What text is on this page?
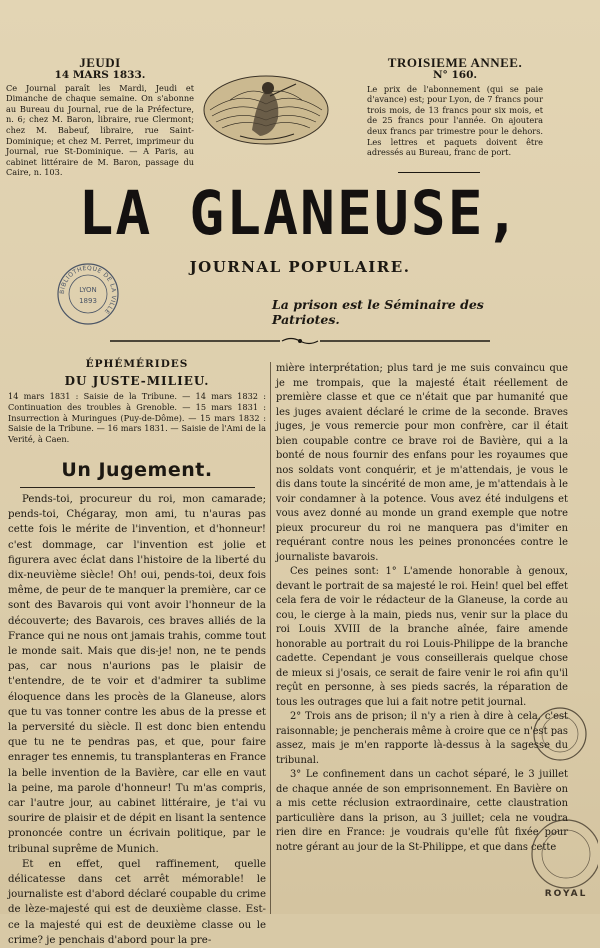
JEUDI
14 MARS 1833.
Ce Journal paraît les Mardi, Jeudi et Dimanche de chaque semaine. On s'abonne au Bureau du Journal, rue de la Préfecture, n. 6; chez M. Baron, libraire, rue Clermont; chez M. Babeuf, libraire, rue Saint-Dominique; et chez M. Perret, imprimeur du Journal, rue St-Dominique. — A Paris, au cabinet littéraire de M. Baron, passage du Caire, n. 103.
TROISIEME ANNEE.
N° 160.
Le prix de l'abonnement (qui se paie d'avance) est; pour Lyon, de 7 francs pour trois mois, de 13 francs pour six mois, et de 25 francs pour l'année. On ajoutera deux francs par trimestre pour le dehors. Les lettres et paquets doivent être adressés au Bureau, franc de port.
LA GLANEUSE,
JOURNAL POPULAIRE.
BIBLIOTHÈQUE DE LA VILLE
LYON
1893	La prison est le Séminaire des Patriotes.
ÉPHÉMÉRIDES
DU JUSTE-MILIEU.
14 mars 1831 : Saisie de la Tribune. — 14 mars 1832 : Continuation des troubles à Grenoble. — 15 mars 1831 : Insurrection à Muringues (Puy-de-Dôme). — 15 mars 1832 : Saisie de la Tribune. — 16 mars 1831. — Saisie de l'Ami de la Verité, à Caen.
Un Jugement.

Pends-toi, procureur du roi, mon camarade; pends-toi, Chégaray, mon ami, tu n'auras pas cette fois le mérite de l'invention, et d'honneur! c'est dommage, car l'invention est jolie et figurera avec éclat dans l'histoire de la liberté du dix-neuvième siècle! Oh! oui, pends-toi, deux fois même, de peur de te manquer la première, car ce sont des Bavarois qui vont avoir l'honneur de la découverte; des Bavarois, ces braves alliés de la France qui ne nous ont jamais trahis, comme tout le monde sait. Mais que dis-je! non, ne te pends pas, car nous n'aurions pas le plaisir de t'entendre, de te voir et d'admirer ta sublime éloquence dans les procès de la Glaneuse, alors que tu vas tonner contre les abus de la presse et la perversité du siècle. Il est donc bien entendu que tu ne te pendras pas, et que, pour faire enrager tes ennemis, tu transplanteras en France la belle invention de la Bavière, car elle en vaut la peine, ma parole d'honneur! Tu m'as compris, car l'autre jour, au cabinet littéraire, je t'ai vu sourire de plaisir et de dépit en lisant la sentence prononcée contre un écrivain politique, par le tribunal suprême de Munich.

Et en effet, quel raffinement, quelle délicatesse dans cet arrêt mémorable! le journaliste est d'abord déclaré coupable du crime de lèze-majesté qui est de deuxième classe. Est-ce la majesté qui est de deuxième classe ou le crime? je penchais d'abord pour la pre-

mière interprétation; plus tard je me suis convaincu que je me trompais, que la majesté était réellement de première classe et que ce n'était que par humanité que les juges avaient déclaré le crime de la seconde. Braves juges, je vous remercie pour mon confrère, car il était bien coupable contre ce brave roi de Bavière, qui a la bonté de nous fournir des enfans pour les royaumes que nos soldats vont conquérir, et je m'attendais, je vous le dis dans toute la sincérité de mon ame, je m'attendais à le voir condamner à la potence. Vous avez été indulgens et vous avez donné au monde un grand exemple que notre pieux procureur du roi ne manquera pas d'imiter en requérant contre nous les peines prononcées contre le journaliste bavarois.

Ces peines sont: 1° L'amende honorable à genoux, devant le portrait de sa majesté le roi. Hein! quel bel effet cela fera de voir le rédacteur de la Glaneuse, la corde au cou, le cierge à la main, pieds nus, venir sur la place du roi Louis XVIII de la branche aînée, faire amende honorable au portrait du roi Louis-Philippe de la branche cadette. Cependant je vous conseillerais quelque chose de mieux si j'osais, ce serait de faire venir le roi afin qu'il reçût en personne, à ses pieds sacrés, la réparation de tous les outrages que lui a fait notre petit journal.

2° Trois ans de prison; il n'y a rien à dire à cela, c'est raisonnable; je pencherais même à croire que ce n'est pas assez, mais je m'en rapporte là-dessus à la sagesse du tribunal.

3° Le confinement dans un cachot séparé, le 3 juillet de chaque année de son emprisonnement. En Bavière on a mis cette réclusion extraordinaire, cette claustration particulière dans la prison, au 3 juillet; cela ne voudra rien dire en France: je voudrais qu'elle fût fixée pour notre gérant au jour de la St-Philippe, et que dans cette

ROYAL
